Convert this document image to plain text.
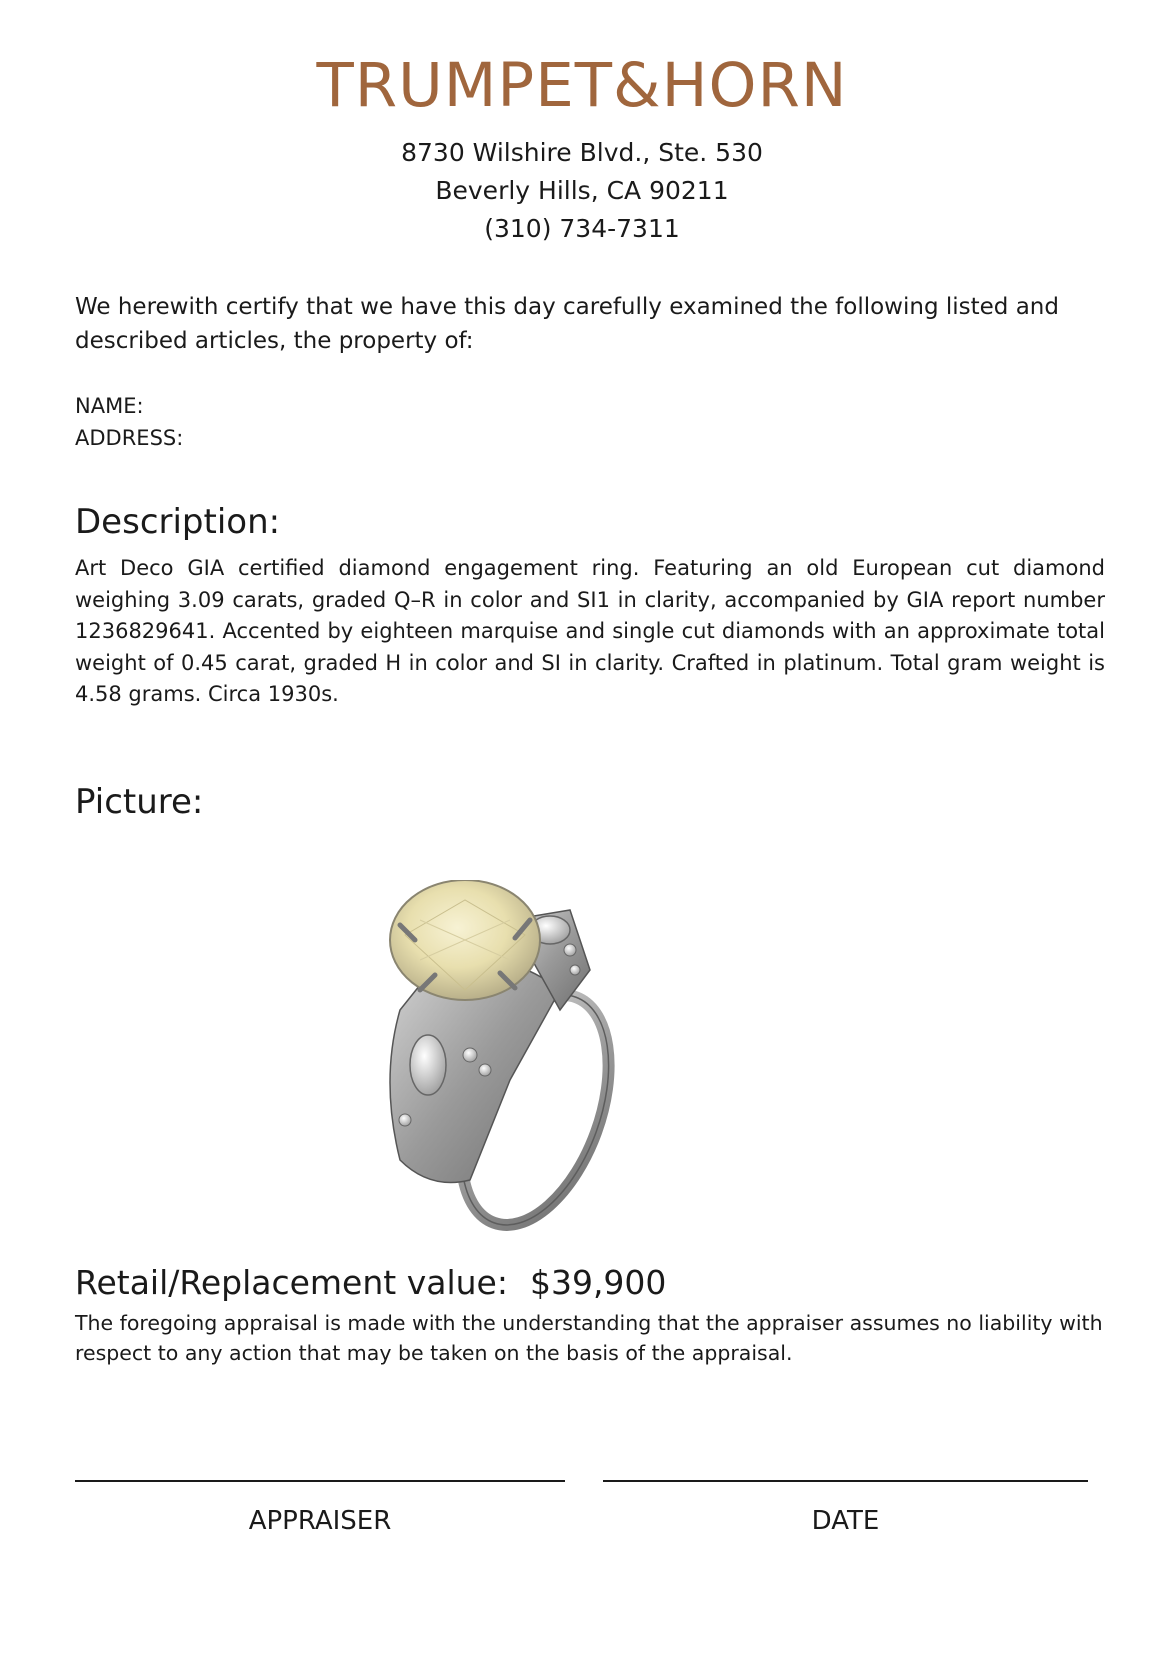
TRUMPET&HORN
8730 Wilshire Blvd., Ste. 530
Beverly Hills, CA 90211
(310) 734-7311
We herewith certify that we have this day carefully examined the following listed and described articles, the property of:
NAME:
ADDRESS:
Description:
Art Deco GIA certified diamond engagement ring. Featuring an old European cut diamond weighing 3.09 carats, graded Q–R in color and SI1 in clarity, accompanied by GIA report number 1236829641. Accented by eighteen marquise and single cut diamonds with an approximate total weight of 0.45 carat, graded H in color and SI in clarity. Crafted in platinum. Total gram weight is 4.58 grams. Circa 1930s.
Picture:
Retail/Replacement value: $39,900
The foregoing appraisal is made with the understanding that the appraiser assumes no liability with respect to any action that may be taken on the basis of the appraisal.
APPRAISER	DATE
